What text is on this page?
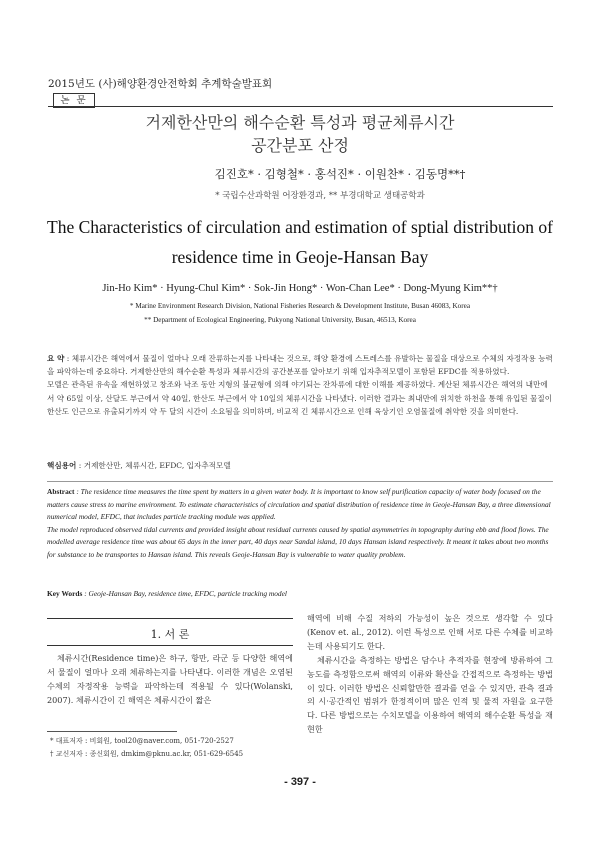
2015년도 (사)해양환경안전학회 추계학술발표회
논 문
거제한산만의 해수순환 특성과 평균체류시간
공간분포 산정
김진호* · 김형철* · 홍석진* · 이원찬* · 김동명**†
* 국립수산과학원 어장환경과, ** 부경대학교 생태공학과
The Characteristics of circulation and estimation of sptial distribution of
residence time in Geoje-Hansan Bay
Jin-Ho Kim* · Hyung-Chul Kim* · Sok-Jin Hong* · Won-Chan Lee* · Dong-Myung Kim**†
* Marine Environment Research Division, National Fisheries Research & Development Institute, Busan 46083, Korea
** Department of Ecological Engineering, Pukyong National University, Busan, 46513, Korea

요 약 : 체류시간은 해역에서 물질이 얼마나 오래 잔류하는지를 나타내는 것으로, 해양 환경에 스트레스를 유발하는 물질을 대상으로 수체의 자정작용 능력을 파악하는데 중요하다. 거제한산만의 해수순환 특성과 체류시간의 공간분포를 알아보기 위해 입자추적모델이 포함된 EFDC를 적용하였다.

모델은 관측된 유속을 재현하였고 창조와 낙조 동안 지형의 불균형에 의해 야기되는 잔차류에 대한 이해를 제공하였다. 계산된 체류시간은 해역의 내만에서 약 65일 이상, 산달도 부근에서 약 40일, 한산도 부근에서 약 10일의 체류시간을 나타냈다. 이러한 결과는 최내만에 위치한 하천을 통해 유입된 물질이 한산도 인근으로 유출되기까지 약 두 달의 시간이 소요됨을 의미하며, 비교적 긴 체류시간으로 인해 육상기인 오염물질에 취약한 것을 의미한다.

핵심용어 : 거제한산만, 체류시간, EFDC, 입자추적모델

Abstract : The residence time measures the time spent by matters in a given water body. It is important to know self purification capacity of water body focused on the matters cause stress to marine environment. To estimate characteristics of circulation and spatial distribution of residence time in Geoje-Hansan Bay, a three dimensional numerical model, EFDC, that includes particle tracking module was applied.

The model reproduced observed tidal currents and provided insight about residual currents caused by spatial asymmetries in topography during ebb and flood flows. The modelled average residence time was about 65 days in the inner part, 40 days near Sandal island, 10 days Hansan island respectively. It meant it takes about two months for substance to be transportes to Hansan island. This reveals Geoje-Hansan Bay is vulnerable to water quality problem.

Key Words : Geoje-Hansan Bay, residence time, EFDC, particle tracking model

1. 서 론

체류시간(Residence time)은 하구, 항만, 라군 등 다양한 해역에서 물질이 얼마나 오래 체류하는지를 나타낸다. 이러한 개념은 오염된 수체의 자정작용 능력을 파악하는데 적용될 수 있다(Wolanski, 2007). 체류시간이 긴 해역은 체류시간이 짧은

* 대표저자 : 비회원, tool20@naver.com, 051-720-2527
† 교신저자 : 종신회원, dmkim@pknu.ac.kr, 051-629-6545

해역에 비해 수질 저하의 가능성이 높은 것으로 생각할 수 있다(Kenov et. al., 2012). 이런 특성으로 인해 서로 다른 수체를 비교하는데 사용되기도 한다.

체류시간을 측정하는 방법은 담수나 추적자를 현장에 방류하여 그 농도를 측정함으로써 해역의 이류와 확산을 간접적으로 측정하는 방법이 있다. 이러한 방법은 신뢰할만한 결과를 얻을 수 있지만, 관측 결과의 시·공간적인 범위가 한정적이며 많은 인적 및 물적 자원을 요구한다. 다른 방법으로는 수치모델을 이용하여 해역의 해수순환 특성을 재현한

- 397 -
